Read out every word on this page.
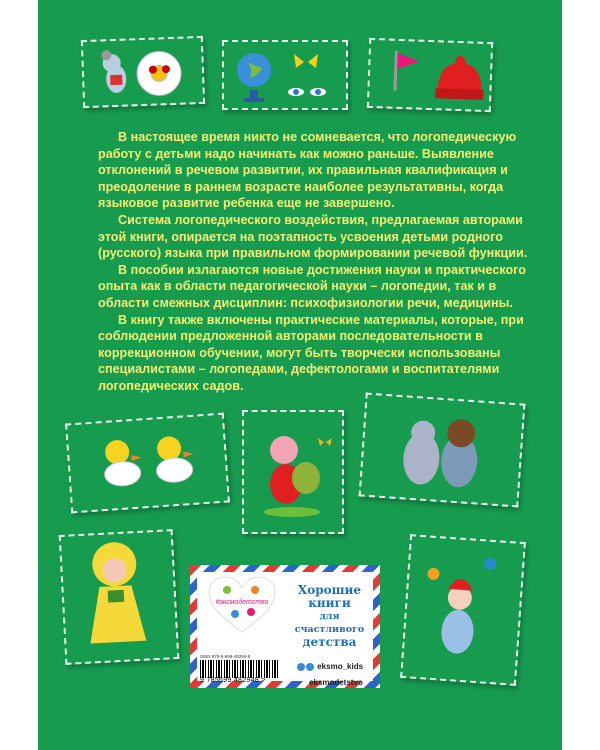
В настоящее время никто не сомневается, что логопедическую работу с детьми надо начинать как можно раньше. Выявление отклонений в речевом развитии, их правильная квалификация и преодоление в раннем возрасте наиболее результативны, когда языковое развитие ребенка еще не завершено.

Система логопедического воздействия, предлагаемая авторами этой книги, опирается на поэтапность усвоения детьми родного (русского) языка при правильном формировании речевой функции.

В пособии излагаются новые достижения науки и практического опыта как в области педагогической науки – логопедии, так и в области смежных дисциплин: психофизиологии речи, медицины.

В книгу также включены практические материалы, которые, при соблюдении предложенной авторами последовательности в коррекционном обучении, могут быть творчески использованы специалистами – логопедами, дефектологами и воспитателями логопедических садов.

#эксмодетство
Хорошие
книги
для счастливого
детства
ISBN 978-5-699-48294-8
9 785699 482948 >
eksmo_kids
eksmodetstvo
